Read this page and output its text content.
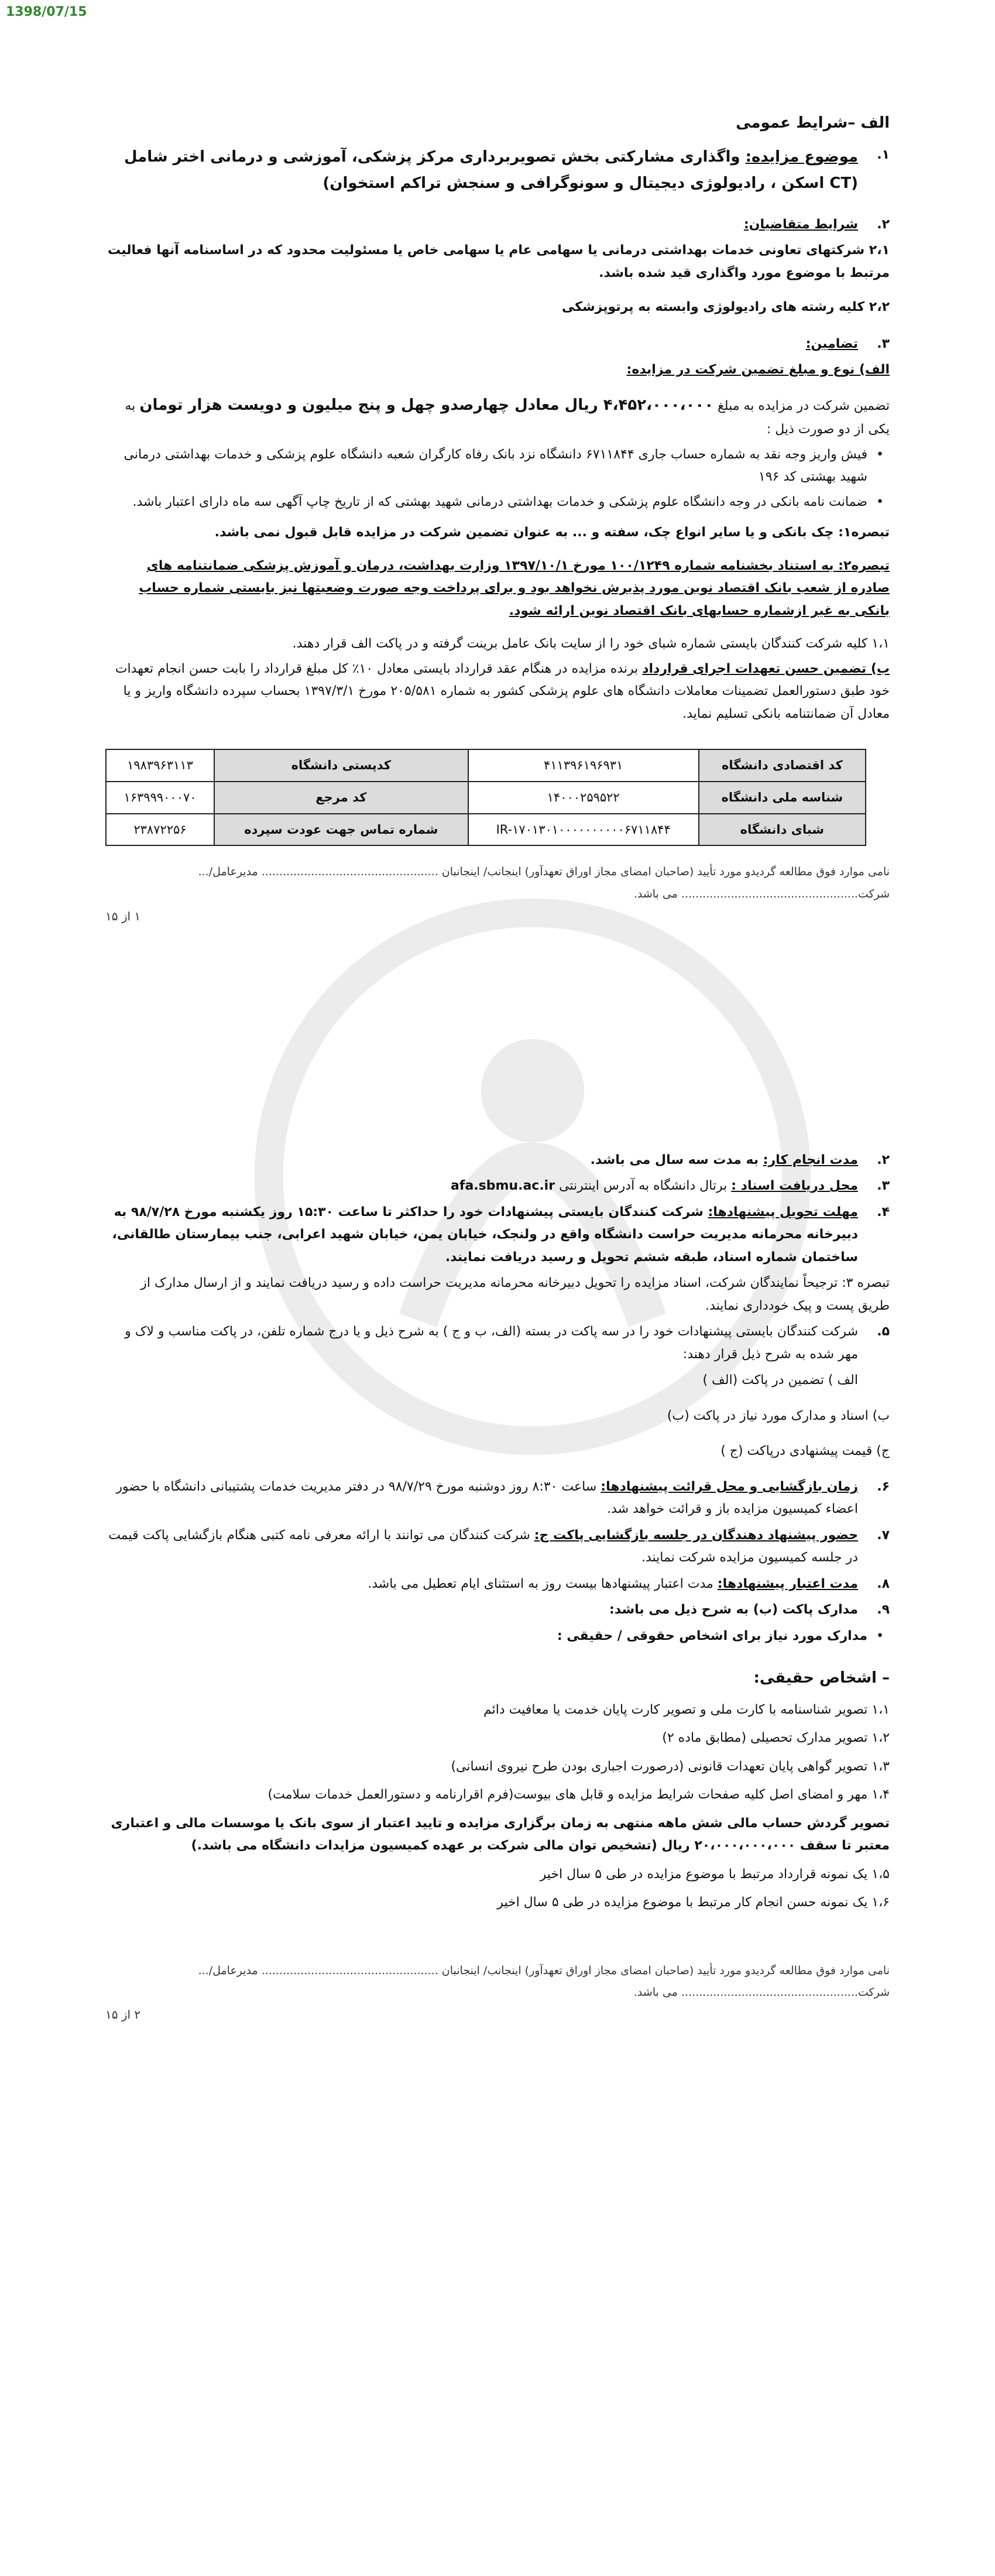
1398/07/15
الف –شرایط عمومی
۱.
موضوع مزایده: واگذاری مشارکتی بخش تصویربرداری مرکز پزشکی، آموزشی و درمانی اختر شامل (CT اسکن ، رادیولوژی دیجیتال و سونوگرافی و سنجش تراکم استخوان)
۲.
شرایط متقاضیان:

۲،۱ شرکتهای تعاونی خدمات بهداشتی درمانی یا سهامی عام یا سهامی خاص یا مسئولیت محدود که در اساسنامه آنها فعالیت مرتبط با موضوع مورد واگذاری قید شده باشد.

۲،۲ کلیه رشته های رادیولوژی وابسته به پرتوپزشکی

۳.
تضامین:

الف) نوع و مبلغ تضمین شرکت در مزایده:

تضمین شرکت در مزایده به مبلغ ۴،۴۵۲،۰۰۰،۰۰۰ ریال معادل چهارصدو چهل و پنج میلیون و دویست هزار تومان به یکی از دو صورت ذیل :

•
فیش واریز وجه نقد به شماره حساب جاری ۶۷۱۱۸۴۴ دانشگاه نزد بانک رفاه کارگران شعبه دانشگاه علوم پزشکی و خدمات بهداشتی درمانی شهید بهشتی کد ۱۹۶
•
ضمانت نامه بانکی در وجه دانشگاه علوم پزشکی و خدمات بهداشتی درمانی شهید بهشتی که از تاریخ چاپ آگهی سه ماه دارای اعتبار باشد.

تبصره۱: چک بانکی و یا سایر انواع چک، سفته و ... به عنوان تضمین شرکت در مزایده قابل قبول نمی باشد.

تبصره۲: به استناد بخشنامه شماره ۱۰۰/۱۲۴۹ مورخ ۱۳۹۷/۱۰/۱ وزارت بهداشت، درمان و آموزش پزشکی ضمانتنامه های صادره از شعب بانک اقتصاد نوین مورد پذیرش نخواهد بود و برای پرداخت وجه صورت وضعیتها نیز بایستی شماره حساب بانکی به غیر ازشماره حسابهای بانک اقتصاد نوین ارائه شود.

۱،۱ کلیه شرکت کنندگان بایستی شماره شبای خود را از سایت بانک عامل برینت گرفته و در پاکت الف قرار دهند.

ب) تضمین حسن تعهدات اجرای قرارداد برنده مزایده در هنگام عقد قرارداد بایستی معادل ۱۰٪ کل مبلغ قرارداد را بابت حسن انجام تعهدات خود طبق دستورالعمل تضمینات معاملات دانشگاه های علوم پزشکی کشور به شماره ۲۰۵/۵۸۱ مورخ ۱۳۹۷/۳/۱ بحساب سپرده دانشگاه واریز و یا معادل آن ضمانتنامه بانکی تسلیم نماید.

کد اقتصادی دانشگاه	۴۱۱۳۹۶۱۹۶۹۳۱	کدپستی دانشگاه	۱۹۸۳۹۶۳۱۱۳
شناسه ملی دانشگاه	۱۴۰۰۰۲۵۹۵۲۲	کد مرجع	۱۶۳۹۹۹۰۰۰۷۰
شبای دانشگاه	IR-۱۷۰۱۳۰۱۰۰۰۰۰۰۰۰۰۰۶۷۱۱۸۴۴	شماره تماس جهت عودت سپرده	۲۳۸۷۲۲۵۶

نامی موارد فوق مطالعه گردیدو مورد تأیید (صاحبان امضای مجاز اوراق تعهدآور) اینجانب/ اینجانبان .................................................. مدیرعامل/...

شرکت.................................................. می باشد.

۱ از ۱۵

۲.
مدت انجام کار: به مدت سه سال می باشد.
۳.
محل دریافت اسناد : برتال دانشگاه به آدرس اینترنتی afa.sbmu.ac.ir
۴.
مهلت تحویل پیشنهادها: شرکت کنندگان بایستی پیشنهادات خود را حداکثر تا ساعت ۱۵:۳۰ روز یکشنبه مورخ ۹۸/۷/۲۸ به دبیرخانه محرمانه مدیریت حراست دانشگاه واقع در ولنجک، خیابان یمن، خیابان شهید اعرابی، جنب بیمارستان طالقانی، ساختمان شماره اسناد، طبقه ششم تحویل و رسید دریافت نمایند.

تبصره ۳: ترجیحاً نمایندگان شرکت، اسناد مزایده را تحویل دبیرخانه محرمانه مدیریت حراست داده و رسید دریافت نمایند و از ارسال مدارک از طریق پست و پیک خودداری نمایند.

۵.
شرکت کنندگان بایستی پیشنهادات خود را در سه پاکت در بسته (الف، ب و ج ) به شرح ذیل و یا درج شماره تلفن، در پاکت مناسب و لاک و مهر شده به شرح ذیل قرار دهند:

الف ) تضمین در پاکت (الف )

ب) اسناد و مدارک مورد نیاز در پاکت (ب)

ج) قیمت پیشنهادی درپاکت (ج )

۶.
زمان بازگشایی و محل قرائت پیشنهادها: ساعت ۸:۳۰ روز دوشنبه مورخ ۹۸/۷/۲۹ در دفتر مدیریت خدمات پشتیبانی دانشگاه با حضور اعضاء کمیسیون مزایده باز و قرائت خواهد شد.
۷.
حضور پیشنهاد دهندگان در جلسه بازگشایی پاکت ج: شرکت کنندگان می توانند با ارائه معرفی نامه کتبی هنگام بازگشایی پاکت قیمت در جلسه کمیسیون مزایده شرکت نمایند.
۸.
مدت اعتبار پیشنهادها: مدت اعتبار پیشنهادها بیست روز به استثنای ایام تعطیل می باشد.
۹.
مدارک پاکت (ب) به شرح ذیل می باشد:
•
مدارک مورد نیاز برای اشخاص حقوقی / حقیقی :
– اشخاص حقیقی:

۱،۱ تصویر شناسنامه با کارت ملی و تصویر کارت پایان خدمت یا معافیت دائم

۱،۲ تصویر مدارک تحصیلی (مطابق ماده ۲)

۱،۳ تصویر گواهی پایان تعهدات قانونی (درصورت اجباری بودن طرح نیروی انسانی)

۱،۴ مهر و امضای اصل کلیه صفحات شرایط مزایده و قابل های بیوست(فرم اقرارنامه و دستورالعمل خدمات سلامت)

تصویر گردش حساب مالی شش ماهه منتهی به زمان برگزاری مزایده و تایید اعتبار از سوی بانک یا موسسات مالی و اعتباری معتبر تا سقف ۲۰،۰۰۰،۰۰۰،۰۰۰ ریال (تشخیص توان مالی شرکت بر عهده کمیسیون مزایدات دانشگاه می باشد.)

۱،۵ یک نمونه قرارداد مرتبط با موضوع مزایده در طی ۵ سال اخیر

۱،۶ یک نمونه حسن انجام کار مرتبط با موضوع مزایده در طی ۵ سال اخیر

نامی موارد فوق مطالعه گردیدو مورد تأیید (صاحبان امضای مجاز اوراق تعهدآور) اینجانب/ اینجانبان .................................................. مدیرعامل/...

شرکت.................................................. می باشد.

۲ از ۱۵
